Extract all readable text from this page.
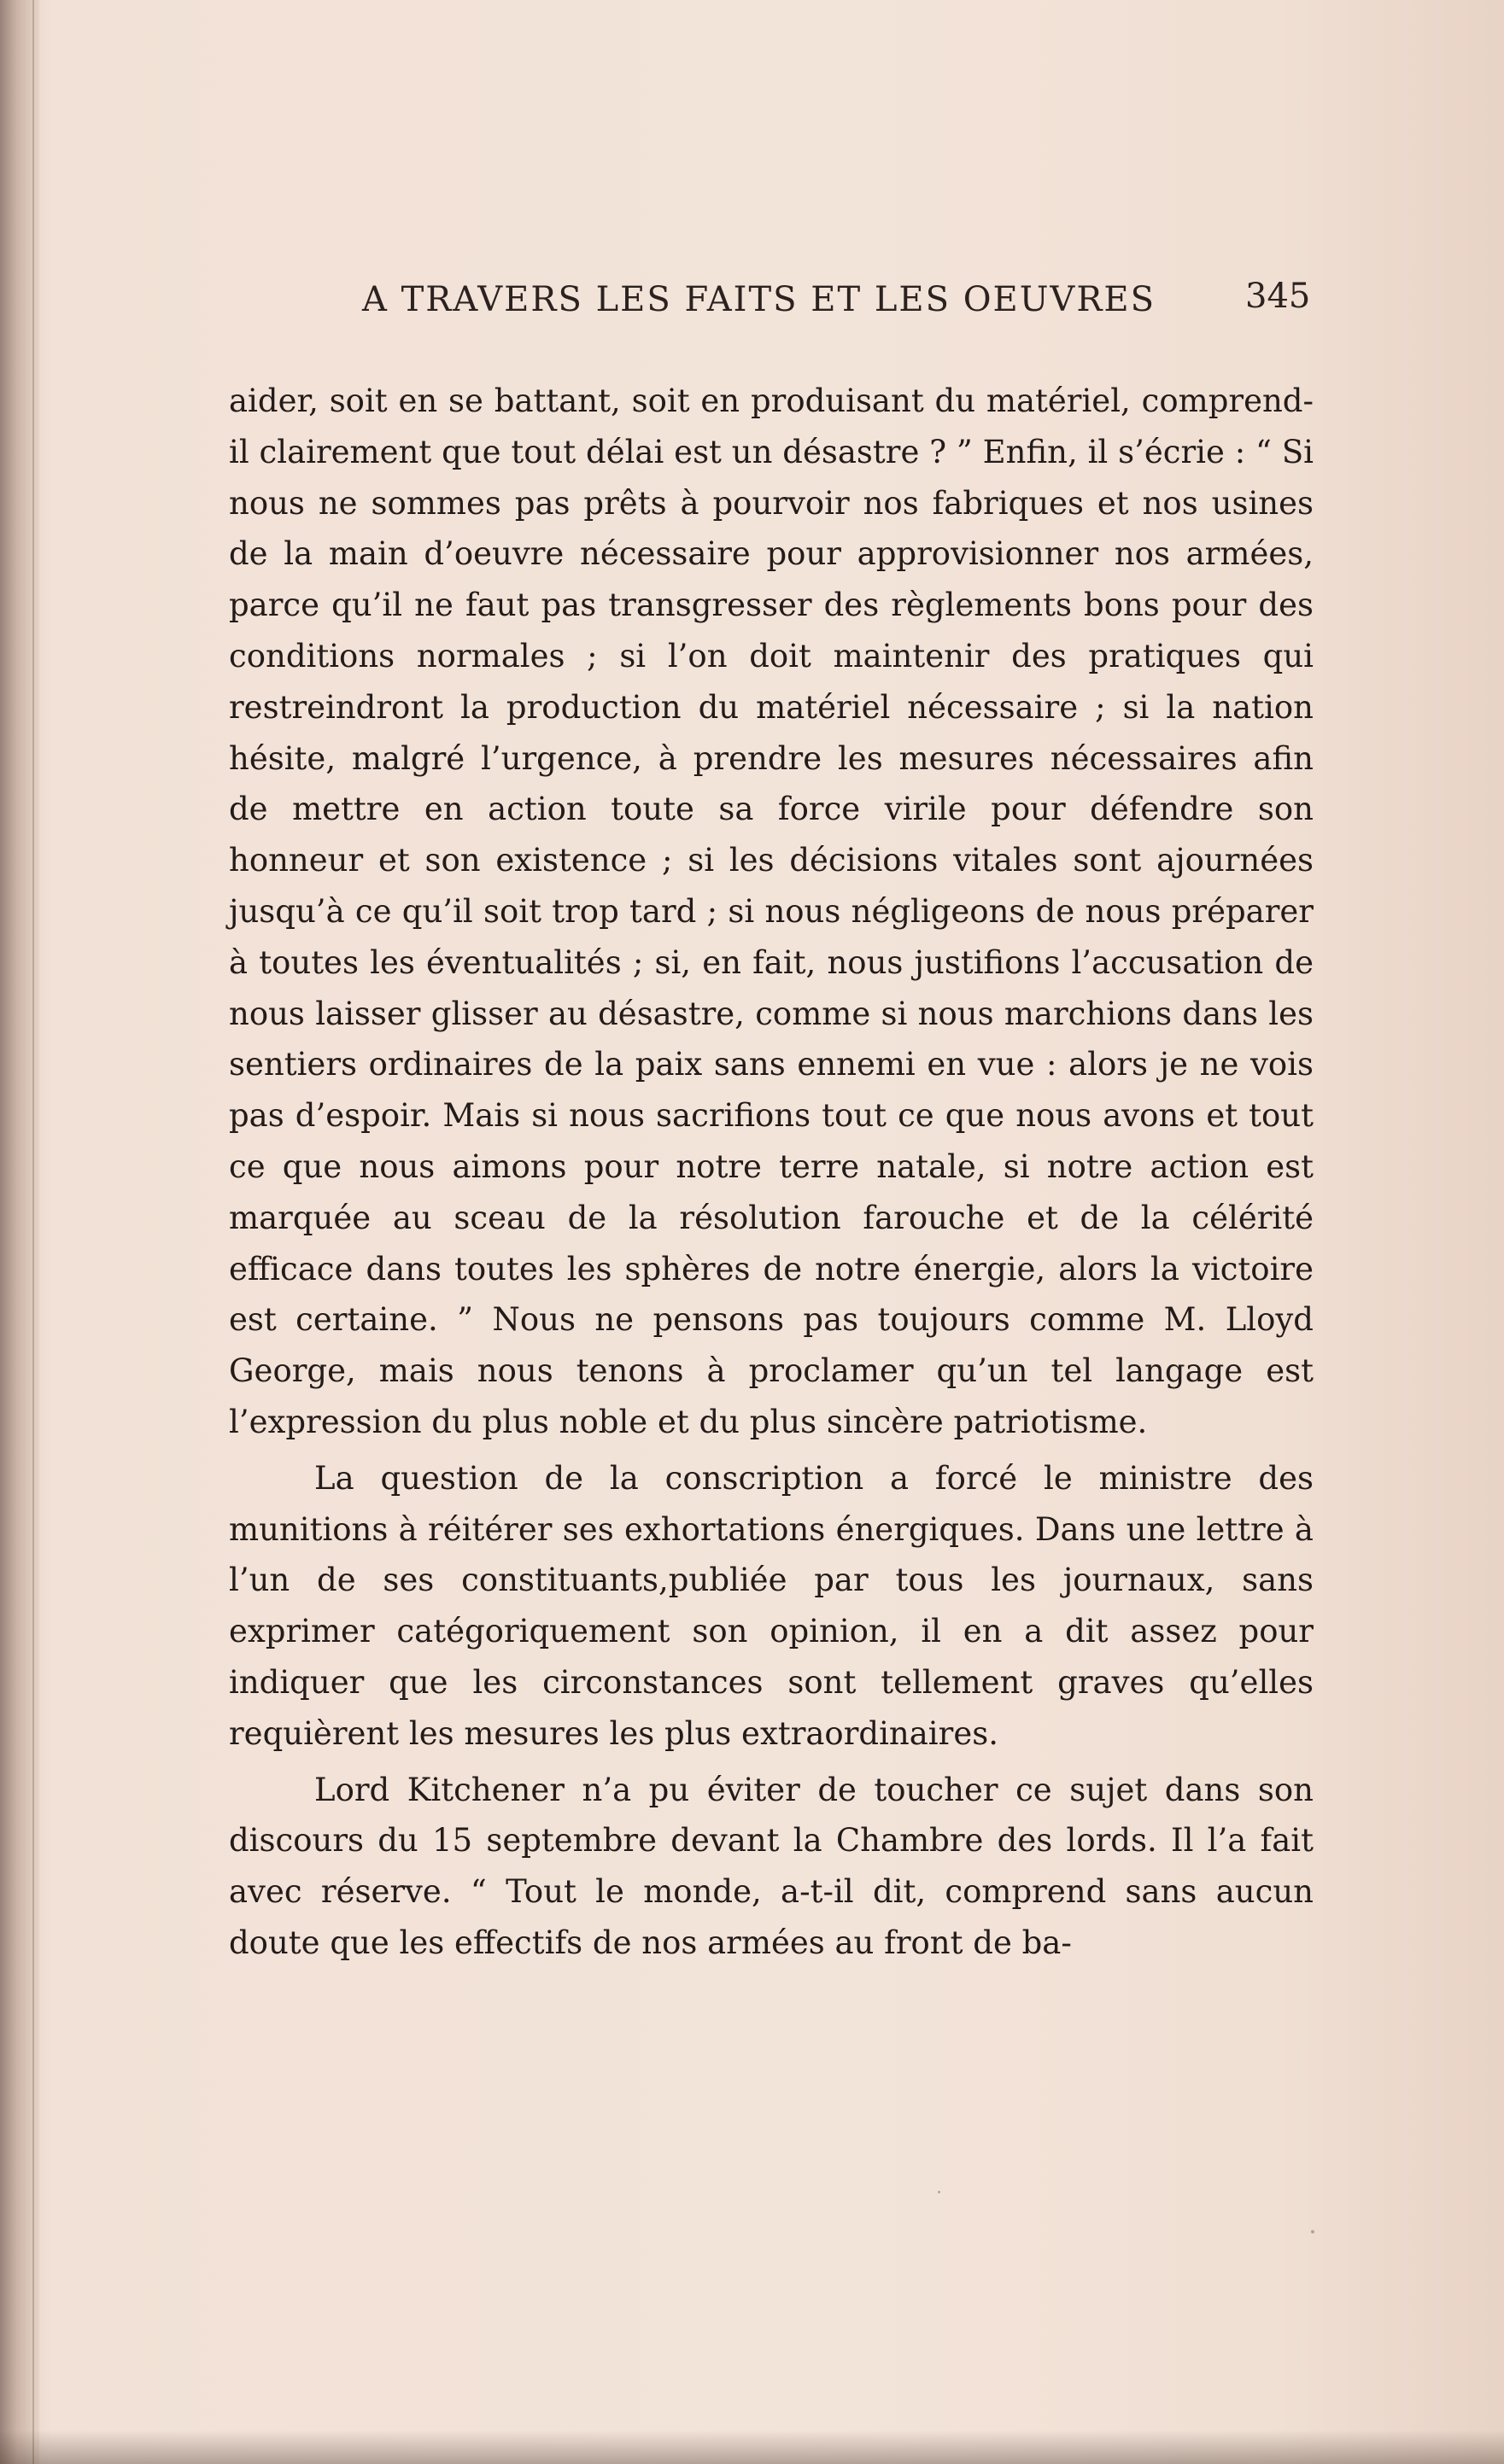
A TRAVERS LES FAITS ET LES OEUVRES	345

aider, soit en se battant, soit en produisant du matériel, comprend-il clairement que tout délai est un désastre ? ” Enfin, il s’écrie : “ Si nous ne sommes pas prêts à pourvoir nos fabriques et nos usines de la main d’oeuvre nécessaire pour approvisionner nos armées, parce qu’il ne faut pas transgresser des règlements bons pour des conditions normales ; si l’on doit maintenir des pratiques qui restreindront la production du matériel nécessaire ; si la nation hésite, malgré l’urgence, à prendre les mesures nécessaires afin de mettre en action toute sa force virile pour défendre son honneur et son existence ; si les décisions vitales sont ajournées jusqu’à ce qu’il soit trop tard ; si nous négligeons de nous préparer à toutes les éventualités ; si, en fait, nous justifions l’accusation de nous laisser glisser au désastre, comme si nous marchions dans les sentiers ordinaires de la paix sans ennemi en vue : alors je ne vois pas d’espoir. Mais si nous sacrifions tout ce que nous avons et tout ce que nous aimons pour notre terre natale, si notre action est marquée au sceau de la résolution farouche et de la célérité efficace dans toutes les sphères de notre énergie, alors la victoire est certaine. ” Nous ne pensons pas toujours comme M. Lloyd George, mais nous tenons à proclamer qu’un tel langage est l’expression du plus noble et du plus sincère patriotisme.

La question de la conscription a forcé le ministre des munitions à réitérer ses exhortations énergiques. Dans une lettre à l’un de ses constituants,publiée par tous les journaux, sans exprimer catégoriquement son opinion, il en a dit assez pour indiquer que les circonstances sont tellement graves qu’elles requièrent les mesures les plus extraordinaires.

Lord Kitchener n’a pu éviter de toucher ce sujet dans son discours du 15 septembre devant la Chambre des lords. Il l’a fait avec réserve. “ Tout le monde, a-t-il dit, comprend sans aucun doute que les effectifs de nos armées au front de ba-
